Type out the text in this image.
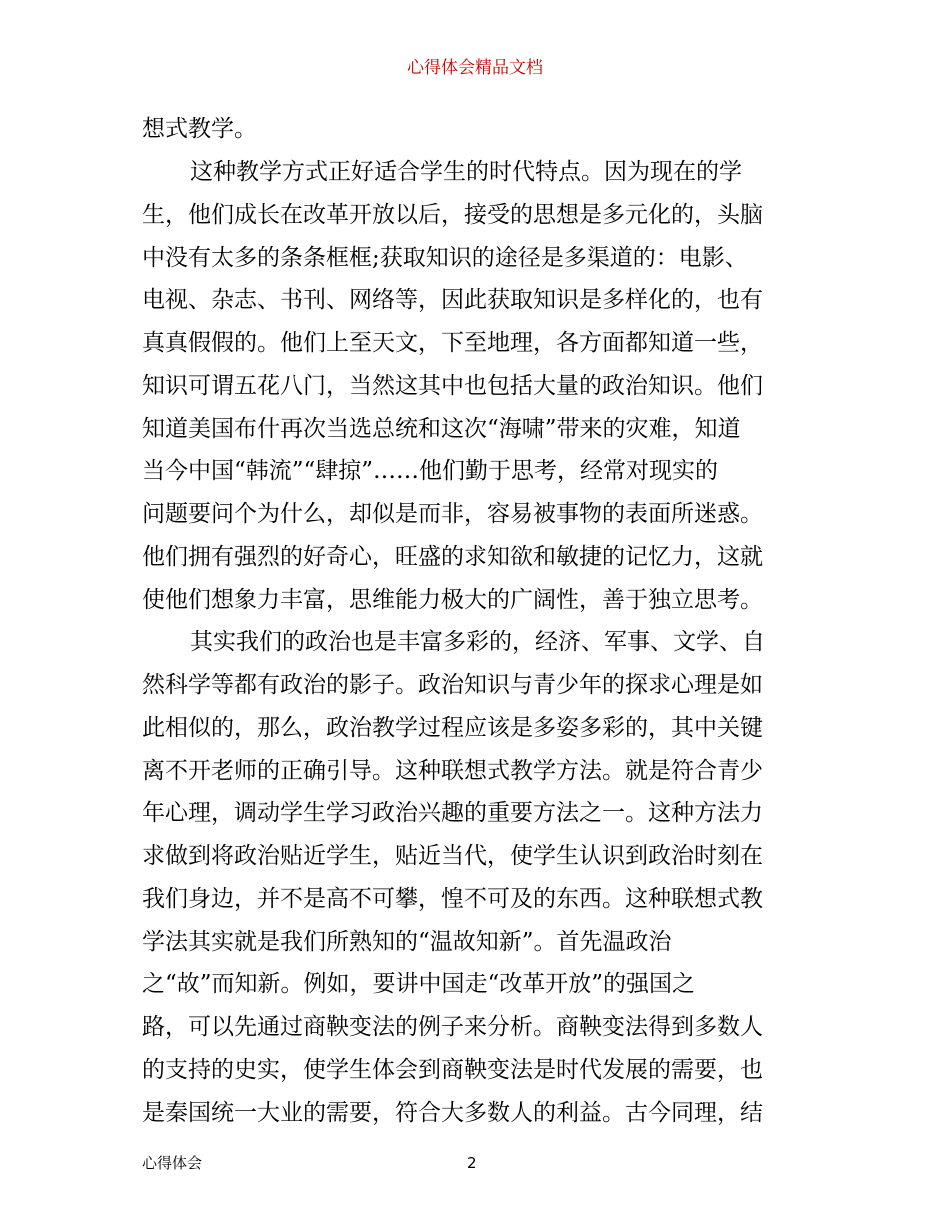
心得体会精品文档
想式教学。
这种教学方式正好适合学生的时代特点。因为现在的学
生，他们成长在改革开放以后，接受的思想是多元化的，头脑
中没有太多的条条框框;获取知识的途径是多渠道的：电影、
电视、杂志、书刊、网络等，因此获取知识是多样化的，也有
真真假假的。他们上至天文，下至地理，各方面都知道一些，
知识可谓五花八门，当然这其中也包括大量的政治知识。他们
知道美国布什再次当选总统和这次“海啸”带来的灾难，知道
当今中国“韩流”“肆掠”……他们勤于思考，经常对现实的
问题要问个为什么，却似是而非，容易被事物的表面所迷惑。
他们拥有强烈的好奇心，旺盛的求知欲和敏捷的记忆力，这就
使他们想象力丰富，思维能力极大的广阔性，善于独立思考。
其实我们的政治也是丰富多彩的，经济、军事、文学、自
然科学等都有政治的影子。政治知识与青少年的探求心理是如
此相似的，那么，政治教学过程应该是多姿多彩的，其中关键
离不开老师的正确引导。这种联想式教学方法。就是符合青少
年心理，调动学生学习政治兴趣的重要方法之一。这种方法力
求做到将政治贴近学生，贴近当代，使学生认识到政治时刻在
我们身边，并不是高不可攀，惶不可及的东西。这种联想式教
学法其实就是我们所熟知的“温故知新”。首先温政治
之“故”而知新。例如，要讲中国走“改革开放”的强国之
路，可以先通过商鞅变法的例子来分析。商鞅变法得到多数人
的支持的史实，使学生体会到商鞅变法是时代发展的需要，也
是秦国统一大业的需要，符合大多数人的利益。古今同理，结
心得体会	2
